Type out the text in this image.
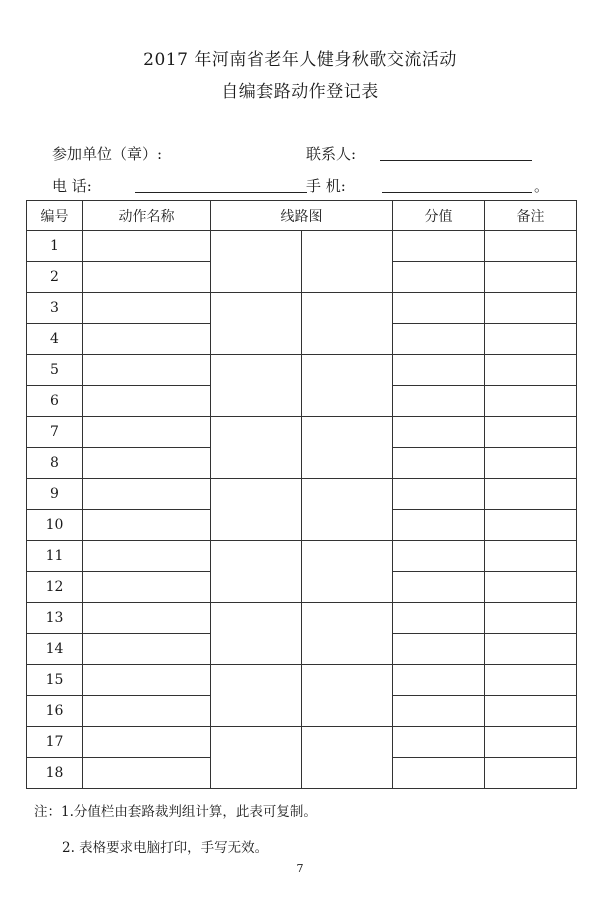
2017 年河南省老年人健身秋歌交流活动
自编套路动作登记表
参加单位（章）:	联系人:
电 话:	手 机:	。
编号	动作名称	线路图		分值	备注
1					
2					
3					
4					
5					
6					
7					
8					
9					
10					
11					
12					
13					
14					
15					
16					
17					
18					
注：1.分值栏由套路裁判组计算，此表可复制。
2. 表格要求电脑打印，手写无效。
7
